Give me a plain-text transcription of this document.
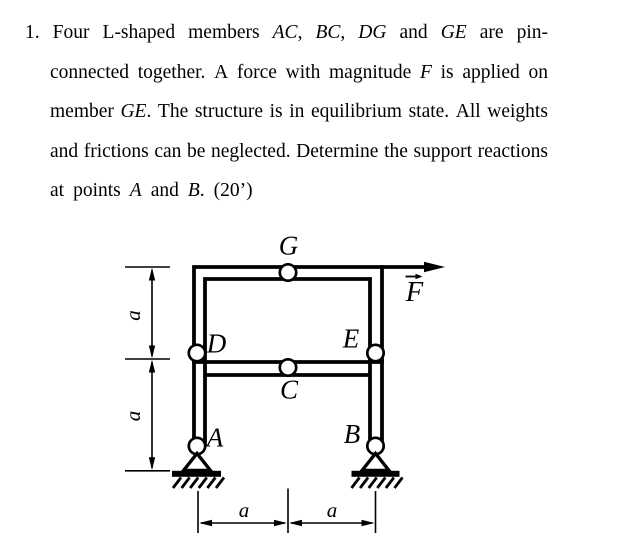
1. Four L-shaped members AC, BC, DG and GE are pin-
connected together. A force with magnitude F is applied on
member GE. The structure is in equilibrium state. All weights
and frictions can be neglected. Determine the support reactions
at points A and B. (20’)
F
G
D	E
C
A	B
a
a
a	a
